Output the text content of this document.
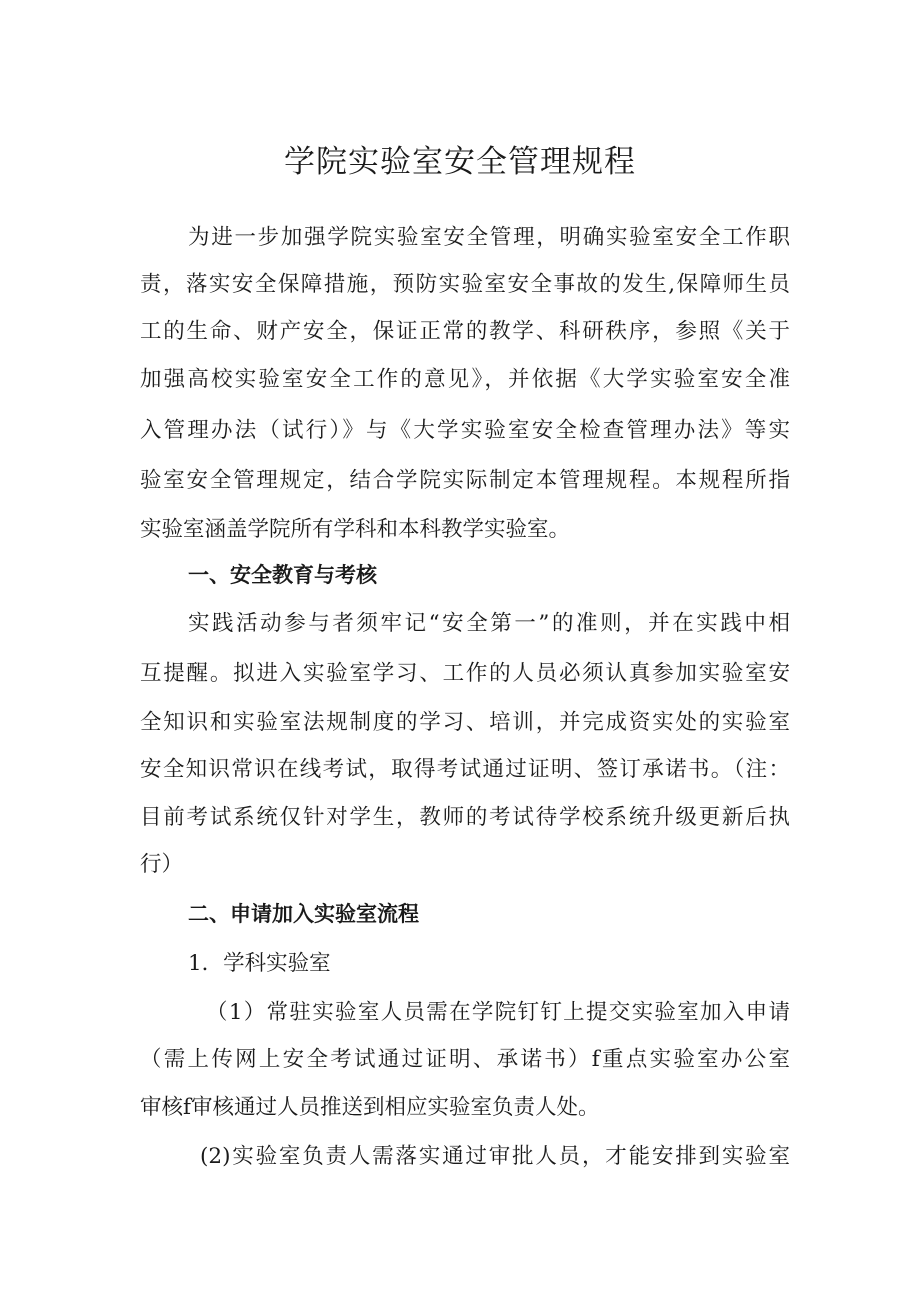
学院实验室安全管理规程
为进一步加强学院实验室安全管理，明确实验室安全工作职
责，落实安全保障措施，预防实验室安全事故的发生,保障师生员
工的生命、财产安全，保证正常的教学、科研秩序，参照《关于
加强高校实验室安全工作的意见》，并依据《大学实验室安全准
入管理办法（试行）》与《大学实验室安全检查管理办法》等实
验室安全管理规定，结合学院实际制定本管理规程。本规程所指
实验室涵盖学院所有学科和本科教学实验室。
一、安全教育与考核
实践活动参与者须牢记“安全第一”的准则，并在实践中相
互提醒。拟进入实验室学习、工作的人员必须认真参加实验室安
全知识和实验室法规制度的学习、培训，并完成资实处的实验室
安全知识常识在线考试，取得考试通过证明、签订承诺书。（注：
目前考试系统仅针对学生，教师的考试待学校系统升级更新后执
行）
二、申请加入实验室流程
1．学科实验室
（1）常驻实验室人员需在学院钉钉上提交实验室加入申请
（需上传网上安全考试通过证明、承诺书）f重点实验室办公室
审核f审核通过人员推送到相应实验室负责人处。
(2)实验室负责人需落实通过审批人员，才能安排到实验室
